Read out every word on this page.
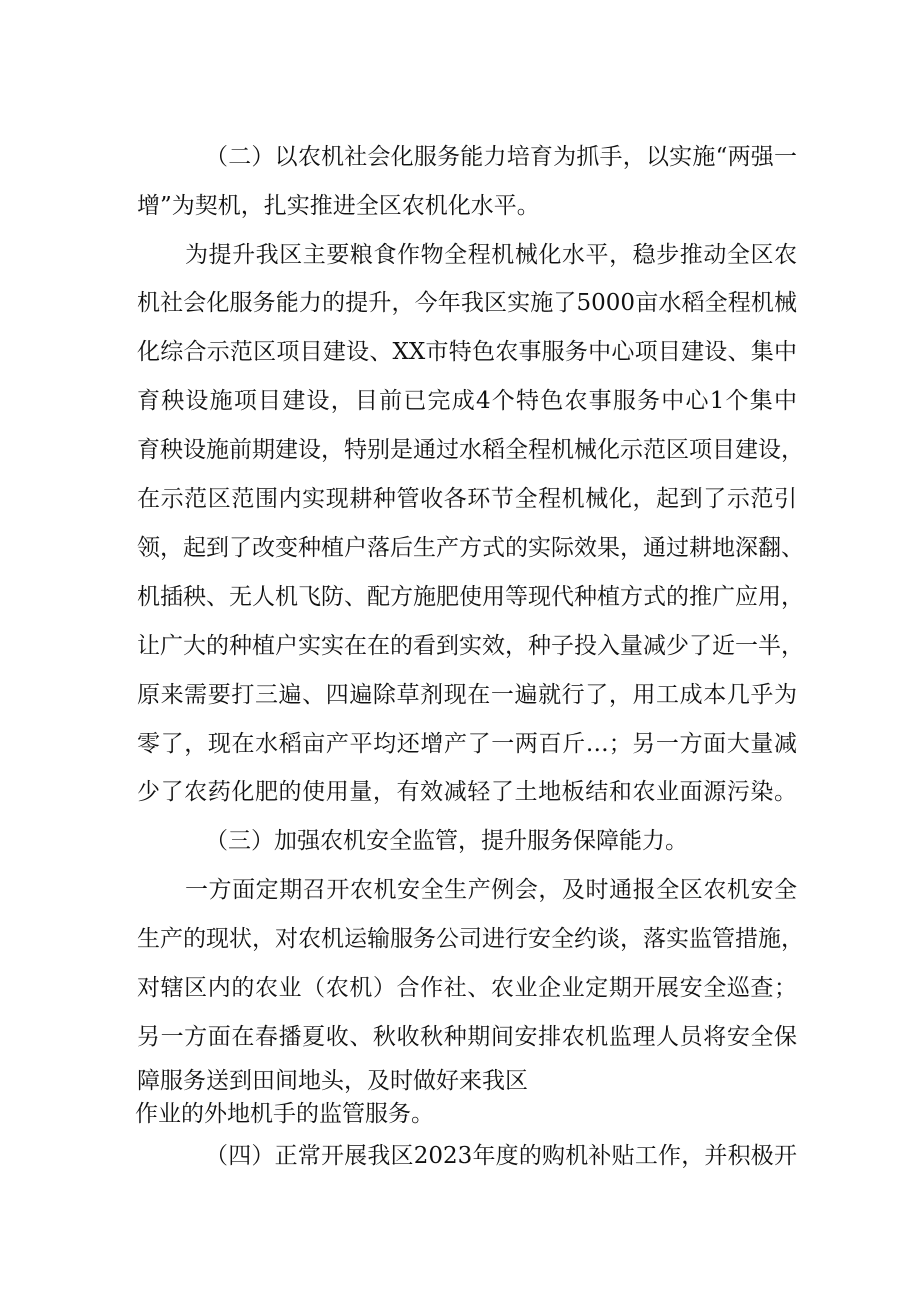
（二）以农机社会化服务能力培育为抓手，以实施“两强一
增”为契机，扎实推进全区农机化水平。
为提升我区主要粮食作物全程机械化水平，稳步推动全区农
机社会化服务能力的提升，今年我区实施了5000亩水稻全程机械
化综合示范区项目建设、XX市特色农事服务中心项目建设、集中
育秧设施项目建设，目前已完成4个特色农事服务中心1个集中
育秧设施前期建设，特别是通过水稻全程机械化示范区项目建设，
在示范区范围内实现耕种管收各环节全程机械化，起到了示范引
领，起到了改变种植户落后生产方式的实际效果，通过耕地深翻、
机插秧、无人机飞防、配方施肥使用等现代种植方式的推广应用，
让广大的种植户实实在在的看到实效，种子投入量减少了近一半，
原来需要打三遍、四遍除草剂现在一遍就行了，用工成本几乎为
零了，现在水稻亩产平均还增产了一两百斤…；另一方面大量减
少了农药化肥的使用量，有效减轻了土地板结和农业面源污染。
（三）加强农机安全监管，提升服务保障能力。
一方面定期召开农机安全生产例会，及时通报全区农机安全
生产的现状，对农机运输服务公司进行安全约谈，落实监管措施，
对辖区内的农业（农机）合作社、农业企业定期开展安全巡查；
另一方面在春播夏收、秋收秋种期间安排农机监理人员将安全保
障服务送到田间地头，及时做好来我区
作业的外地机手的监管服务。
（四）正常开展我区2023年度的购机补贴工作，并积极开
